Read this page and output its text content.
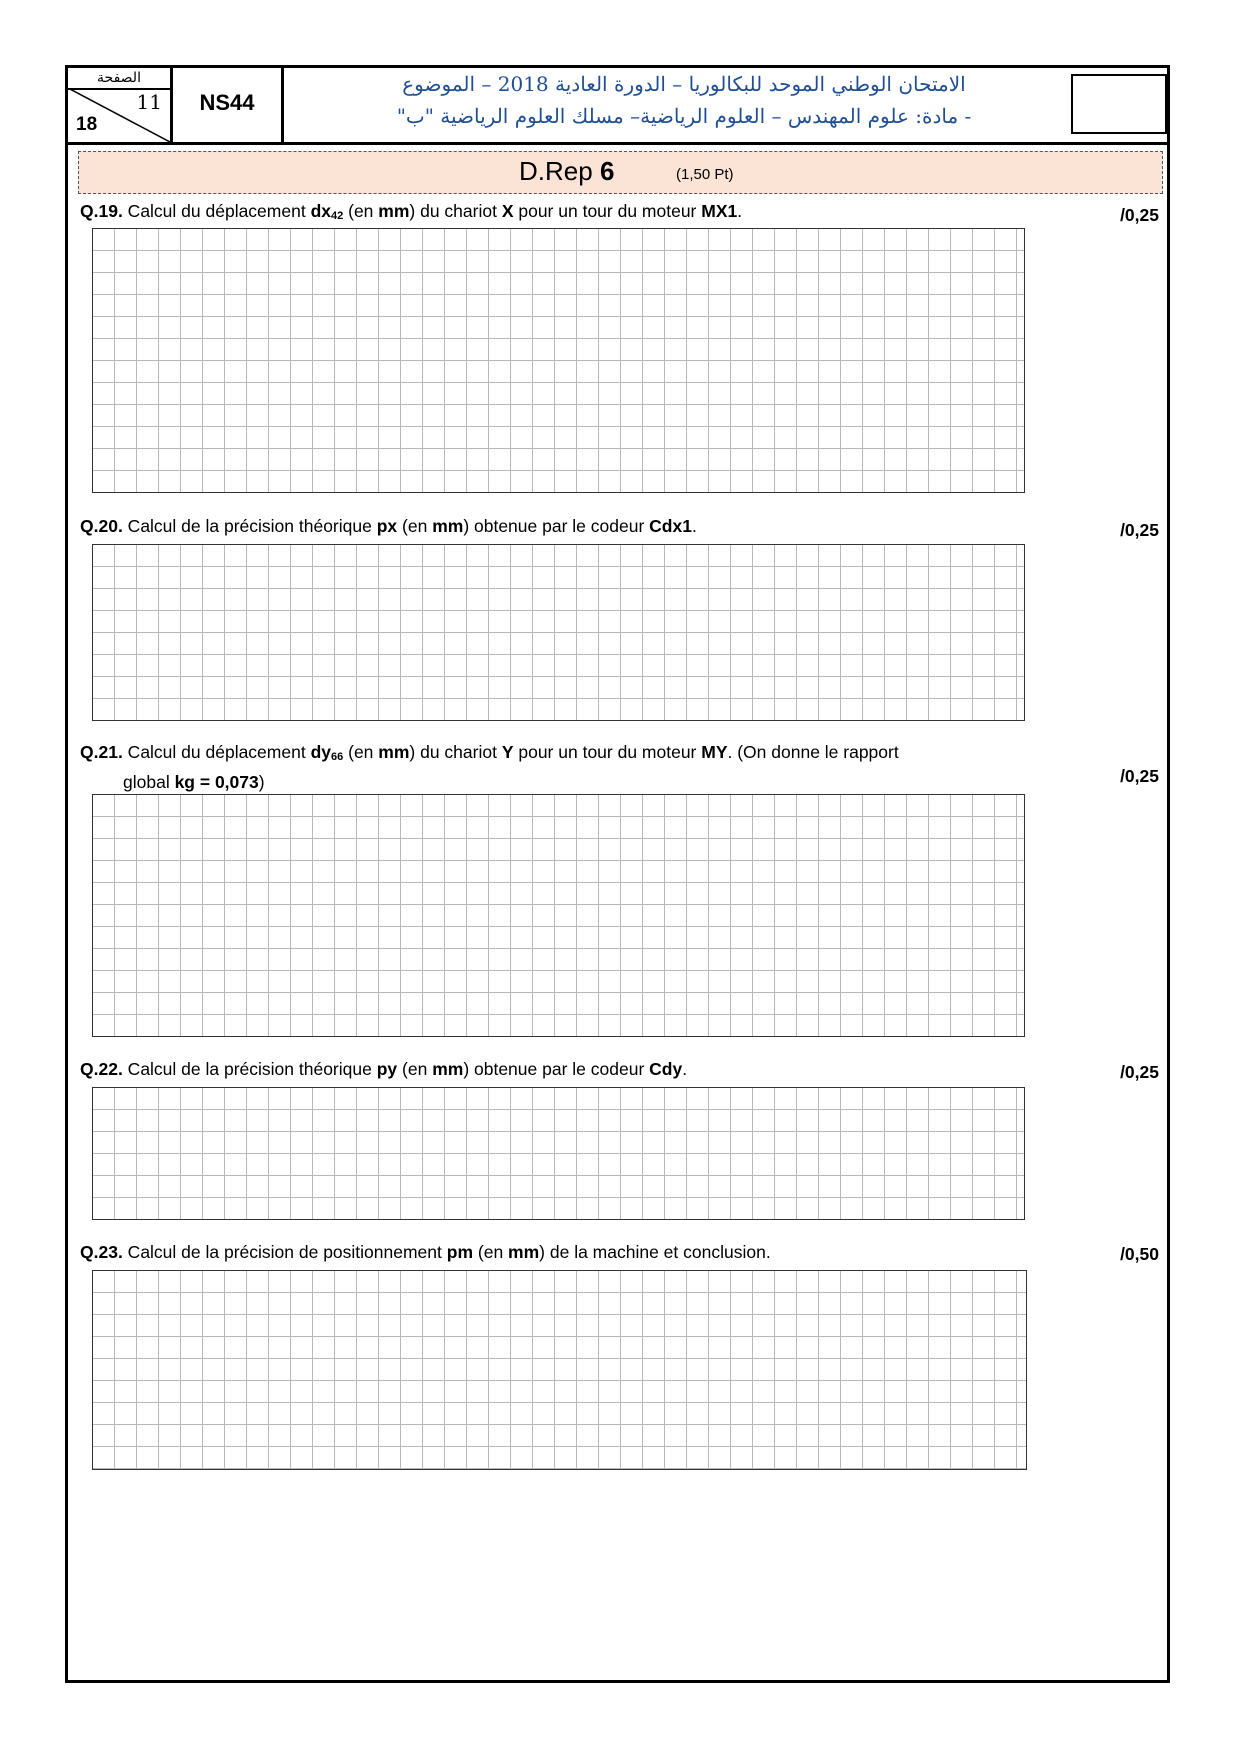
الصفحة
11
18
NS44
الامتحان الوطني الموحد للبكالوريا – الدورة العادية 2018 – الموضوع
- مادة: علوم المهندس – العلوم الرياضية– مسلك العلوم الرياضية "ب"
D.Rep 6	(1,50 Pt)
Q.19. Calcul du déplacement $dx_{42}$ (en mm) du chariot X pour un tour du moteur MX1.	/0,25
Q.20. Calcul de la précision théorique px (en mm) obtenue par le codeur Cdx1.	/0,25
Q.21. Calcul du déplacement $dy_{66}$ (en mm) du chariot Y pour un tour du moteur MY. (On donne le rapport
global kg = 0,073)	/0,25
Q.22. Calcul de la précision théorique py (en mm) obtenue par le codeur Cdy.	/0,25
Q.23. Calcul de la précision de positionnement pm (en mm) de la machine et conclusion.	/0,50
